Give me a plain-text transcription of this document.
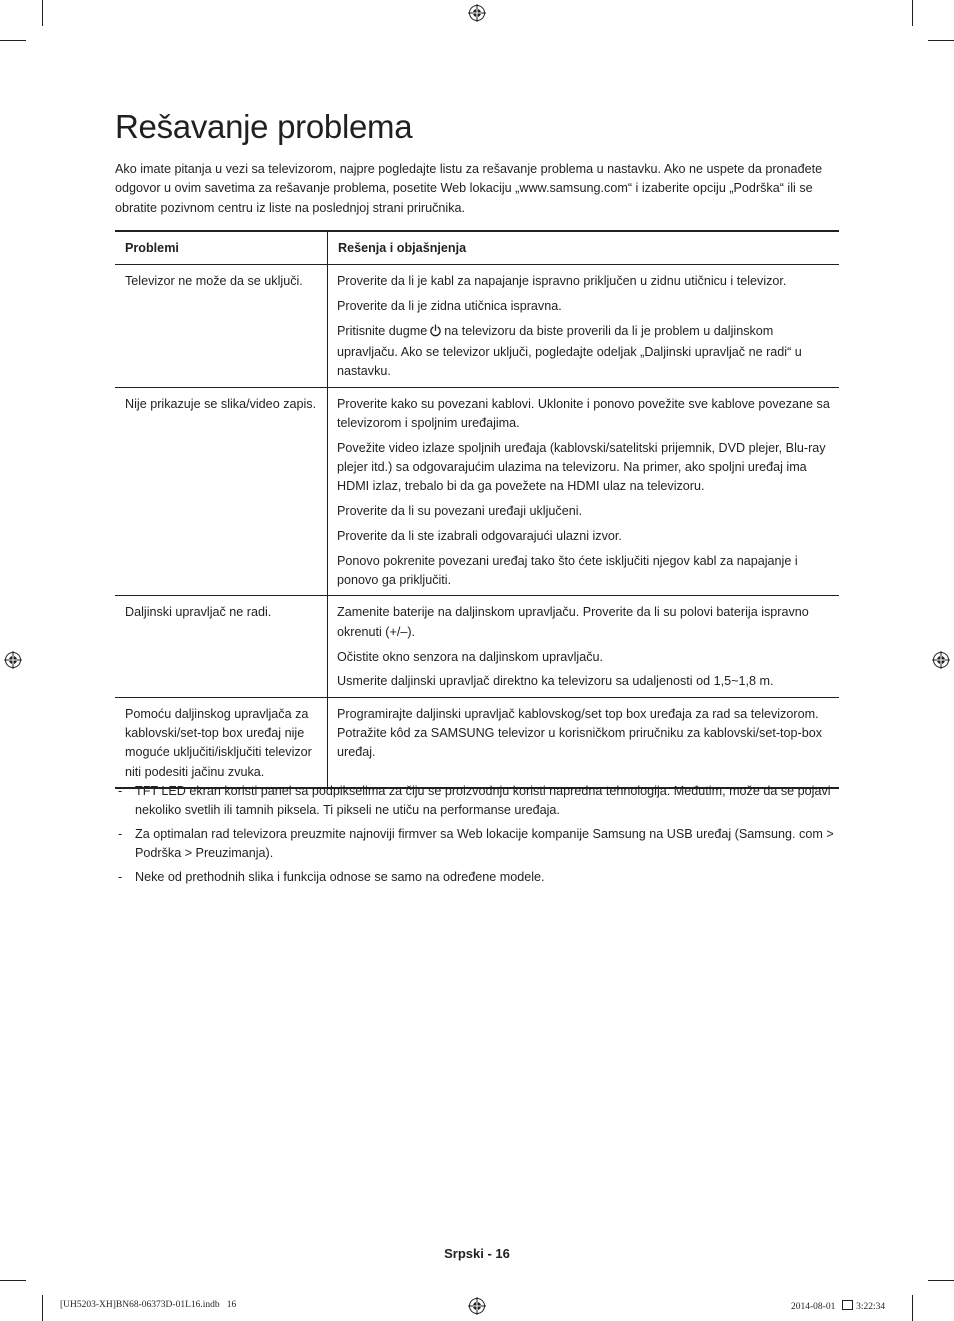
Rešavanje problema

Ako imate pitanja u vezi sa televizorom, najpre pogledajte listu za rešavanje problema u nastavku. Ako ne uspete da pronađete odgovor u ovim savetima za rešavanje problema, posetite Web lokaciju „www.samsung.com“ i izaberite opciju „Podrška“ ili se obratite pozivnom centru iz liste na poslednjoj strani priručnika.

Problemi	Rešenja i objašnjenja
Televizor ne može da se uključi.	Proverite da li je kabl za napajanje ispravno priključen u zidnu utičnicu i televizor.

Proverite da li je zidna utičnica ispravna.

Pritisnite dugme na televizoru da biste proverili da li je problem u daljinskom upravljaču. Ako se televizor uključi, pogledajte odeljak „Daljinski upravljač ne radi“ u nastavku.

Nije prikazuje se slika/video zapis.	Proverite kako su povezani kablovi. Uklonite i ponovo povežite sve kablove povezane sa televizorom i spoljnim uređajima.

Povežite video izlaze spoljnih uređaja (kablovski/satelitski prijemnik, DVD plejer, Blu-ray plejer itd.) sa odgovarajućim ulazima na televizoru. Na primer, ako spoljni uređaj ima HDMI izlaz, trebalo bi da ga povežete na HDMI ulaz na televizoru.

Proverite da li su povezani uređaji uključeni.

Proverite da li ste izabrali odgovarajući ulazni izvor.

Ponovo pokrenite povezani uređaj tako što ćete isključiti njegov kabl za napajanje i ponovo ga priključiti.

Daljinski upravljač ne radi.	Zamenite baterije na daljinskom upravljaču. Proverite da li su polovi baterija ispravno okrenuti (+/–).

Očistite okno senzora na daljinskom upravljaču.

Usmerite daljinski upravljač direktno ka televizoru sa udaljenosti od 1,5~1,8 m.

Pomoću daljinskog upravljača za kablovski/set-top box uređaj nije moguće uključiti/isključiti televizor niti podesiti jačinu zvuka.	Programirajte daljinski upravljač kablovskog/set top box uređaja za rad sa televizorom. Potražite kôd za SAMSUNG televizor u korisničkom priručniku za kablovski/set-top-box uređaj.

- TFT LED ekran koristi panel sa podpikselima za čiju se proizvodnju koristi napredna tehnologija. Međutim, može da se pojavi nekoliko svetlih ili tamnih piksela. Ti pikseli ne utiču na performanse uređaja.
- Za optimalan rad televizora preuzmite najnoviji firmver sa Web lokacije kompanije Samsung na USB uređaj (Samsung. com > Podrška > Preuzimanja).
- Neke od prethodnih slika i funkcija odnose se samo na određene modele.
Srpski - 16
[UH5203-XH]BN68-06373D-01L16.indb   16	2014-08-01 3:22:34
